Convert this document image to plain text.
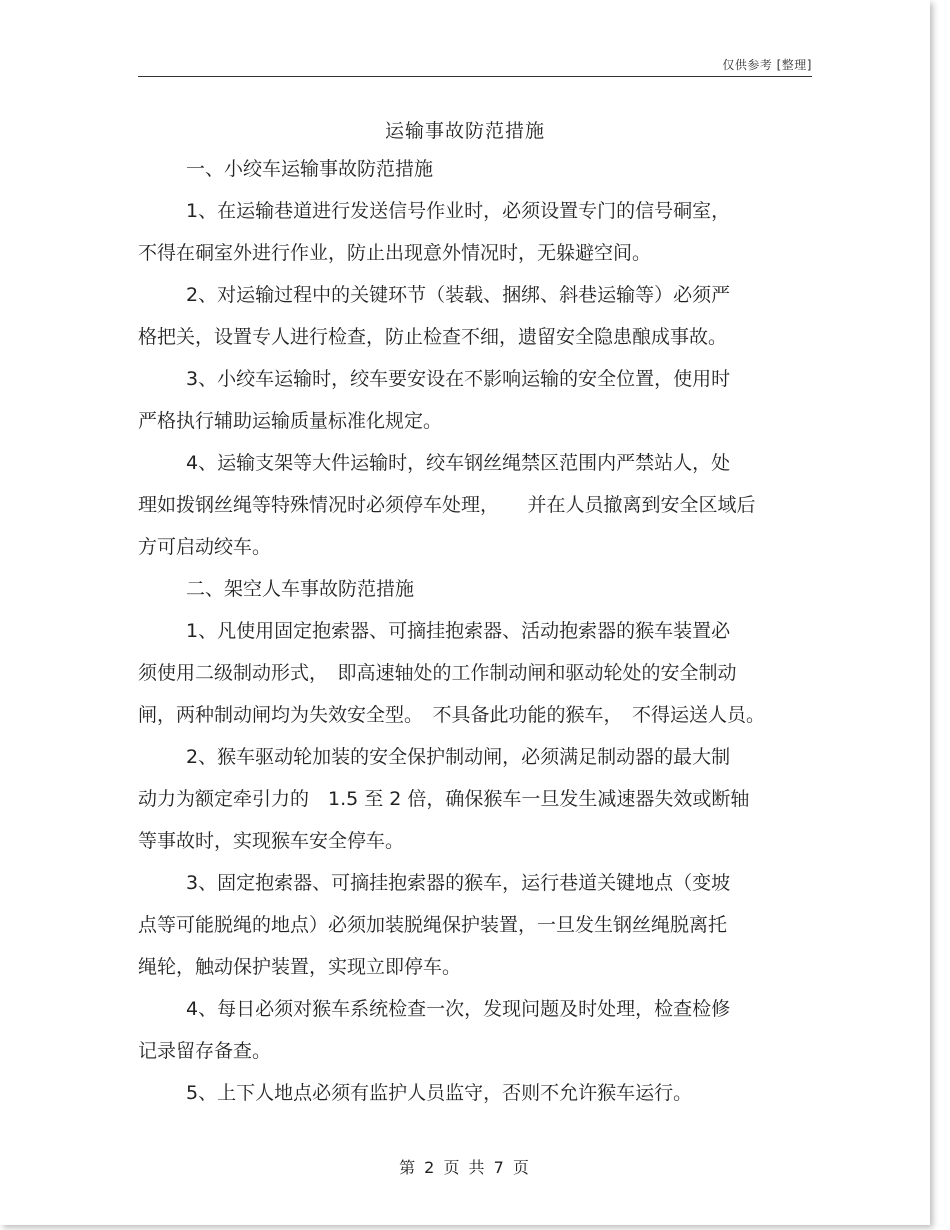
仅供参考 [整理]
运输事故防范措施

一、小绞车运输事故防范措施

1、在运输巷道进行发送信号作业时，必须设置专门的信号硐室，

不得在硐室外进行作业，防止出现意外情况时，无躲避空间。

2、对运输过程中的关键环节（装载、捆绑、斜巷运输等）必须严

格把关，设置专人进行检查，防止检查不细，遗留安全隐患酿成事故。

3、小绞车运输时，绞车要安设在不影响运输的安全位置，使用时

严格执行辅助运输质量标准化规定。

4、运输支架等大件运输时，绞车钢丝绳禁区范围内严禁站人，处

理如拨钢丝绳等特殊情况时必须停车处理，　　并在人员撤离到安全区域后

方可启动绞车。

二、架空人车事故防范措施

1、凡使用固定抱索器、可摘挂抱索器、活动抱索器的猴车装置必

须使用二级制动形式，　即高速轴处的工作制动闸和驱动轮处的安全制动

闸，两种制动闸均为失效安全型。　不具备此功能的猴车，　不得运送人员。

2、猴车驱动轮加装的安全保护制动闸，必须满足制动器的最大制

动力为额定牵引力的　1.5 至 2 倍，确保猴车一旦发生减速器失效或断轴

等事故时，实现猴车安全停车。

3、固定抱索器、可摘挂抱索器的猴车，运行巷道关键地点（变坡

点等可能脱绳的地点）必须加装脱绳保护装置，一旦发生钢丝绳脱离托

绳轮，触动保护装置，实现立即停车。

4、每日必须对猴车系统检查一次，发现问题及时处理，检查检修

记录留存备查。

5、上下人地点必须有监护人员监守，否则不允许猴车运行。

第 2 页 共 7 页
